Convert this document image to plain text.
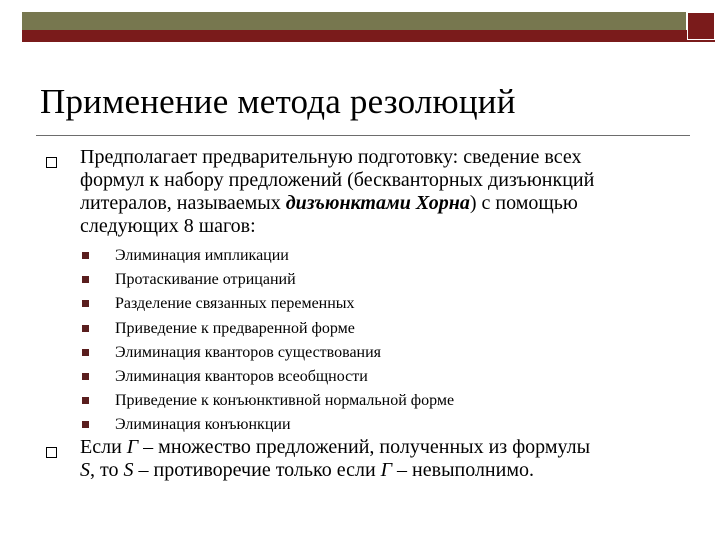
Применение метода резолюций
Предполагает предварительную подготовку: сведение всех
формул к набору предложений (бескванторных дизъюнкций
литералов, называемых дизъюнктами Хорна) с помощью
следующих 8 шагов:
Элиминация импликации
Протаскивание отрицаний
Разделение связанных переменных
Приведение к предваренной форме
Элиминация кванторов существования
Элиминация кванторов всеобщности
Приведение к конъюнктивной нормальной форме
Элиминация конъюнкции
Если Г – множество предложений, полученных из формулы
S, то S – противоречие только если Г – невыполнимо.
